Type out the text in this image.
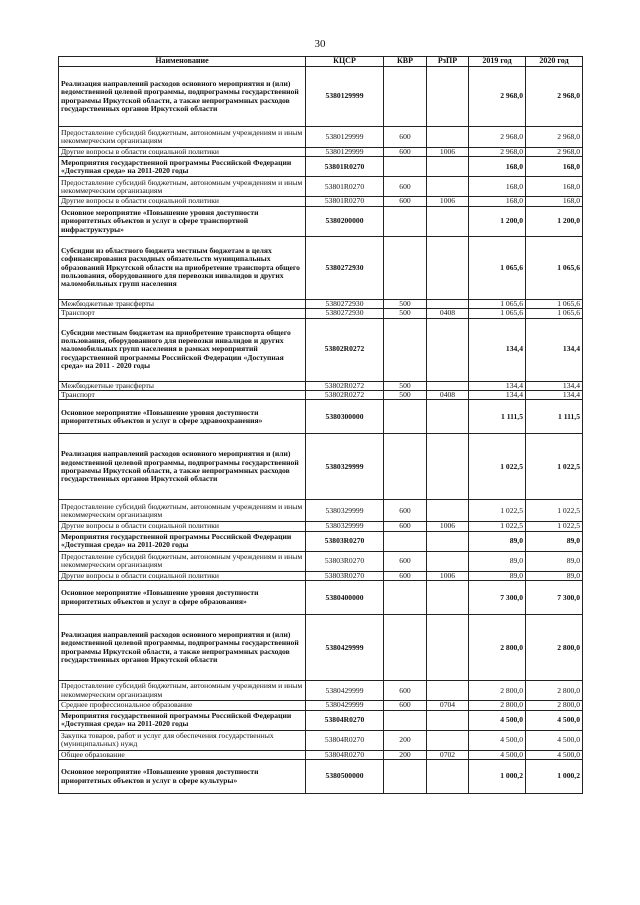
30
Наименование	КЦСР	КВР	РзПР	2019 год	2020 год
Реализация направлений расходов основного мероприятия и (или) ведомственной целевой программы, подпрограммы государственной программы Иркутской области, а также непрограммных расходов государственных органов Иркутской области	5380129999			2 968,0	2 968,0
Предоставление субсидий бюджетным, автономным учреждениям и иным некоммерческим организациям	5380129999	600		2 968,0	2 968,0
Другие вопросы в области социальной политики	5380129999	600	1006	2 968,0	2 968,0
Мероприятия государственной программы Российской Федерации «Доступная среда» на 2011-2020 годы	53801R0270			168,0	168,0
Предоставление субсидий бюджетным, автономным учреждениям и иным некоммерческим организациям	53801R0270	600		168,0	168,0
Другие вопросы в области социальной политики	53801R0270	600	1006	168,0	168,0
Основное мероприятие «Повышение уровня доступности приоритетных объектов и услуг в сфере транспортной инфраструктуры»	5380200000			1 200,0	1 200,0
Субсидии из областного бюджета местным бюджетам в целях софинансирования расходных обязательств муниципальных образований Иркутской области на приобретение транспорта общего пользования, оборудованного для перевозки инвалидов и других маломобильных групп населения	5380272930			1 065,6	1 065,6
Межбюджетные трансферты	5380272930	500		1 065,6	1 065,6
Транспорт	5380272930	500	0408	1 065,6	1 065,6
Субсидии местным бюджетам на приобретение транспорта общего пользования, оборудованного для перевозки инвалидов и других маломобильных групп населения в рамках мероприятий государственной программы Российской Федерации «Доступная среда» на 2011 - 2020 годы	53802R0272			134,4	134,4
Межбюджетные трансферты	53802R0272	500		134,4	134,4
Транспорт	53802R0272	500	0408	134,4	134,4
Основное мероприятие «Повышение уровня доступности приоритетных объектов и услуг в сфере здравоохранения»	5380300000			1 111,5	1 111,5
Реализация направлений расходов основного мероприятия и (или) ведомственной целевой программы, подпрограммы государственной программы Иркутской области, а также непрограммных расходов государственных органов Иркутской области	5380329999			1 022,5	1 022,5
Предоставление субсидий бюджетным, автономным учреждениям и иным некоммерческим организациям	5380329999	600		1 022,5	1 022,5
Другие вопросы в области социальной политики	5380329999	600	1006	1 022,5	1 022,5
Мероприятия государственной программы Российской Федерации «Доступная среда» на 2011-2020 годы	53803R0270			89,0	89,0
Предоставление субсидий бюджетным, автономным учреждениям и иным некоммерческим организациям	53803R0270	600		89,0	89,0
Другие вопросы в области социальной политики	53803R0270	600	1006	89,0	89,0
Основное мероприятие «Повышение уровня доступности приоритетных объектов и услуг в сфере образования»	5380400000			7 300,0	7 300,0
Реализация направлений расходов основного мероприятия и (или) ведомственной целевой программы, подпрограммы государственной программы Иркутской области, а также непрограммных расходов государственных органов Иркутской области	5380429999			2 800,0	2 800,0
Предоставление субсидий бюджетным, автономным учреждениям и иным некоммерческим организациям	5380429999	600		2 800,0	2 800,0
Среднее профессиональное образование	5380429999	600	0704	2 800,0	2 800,0
Мероприятия государственной программы Российской Федерации «Доступная среда» на 2011-2020 годы	53804R0270			4 500,0	4 500,0
Закупка товаров, работ и услуг для обеспечения государственных (муниципальных) нужд	53804R0270	200		4 500,0	4 500,0
Общее образование	53804R0270	200	0702	4 500,0	4 500,0
Основное мероприятие «Повышение уровня доступности приоритетных объектов и услуг в сфере культуры»	5380500000			1 000,2	1 000,2
